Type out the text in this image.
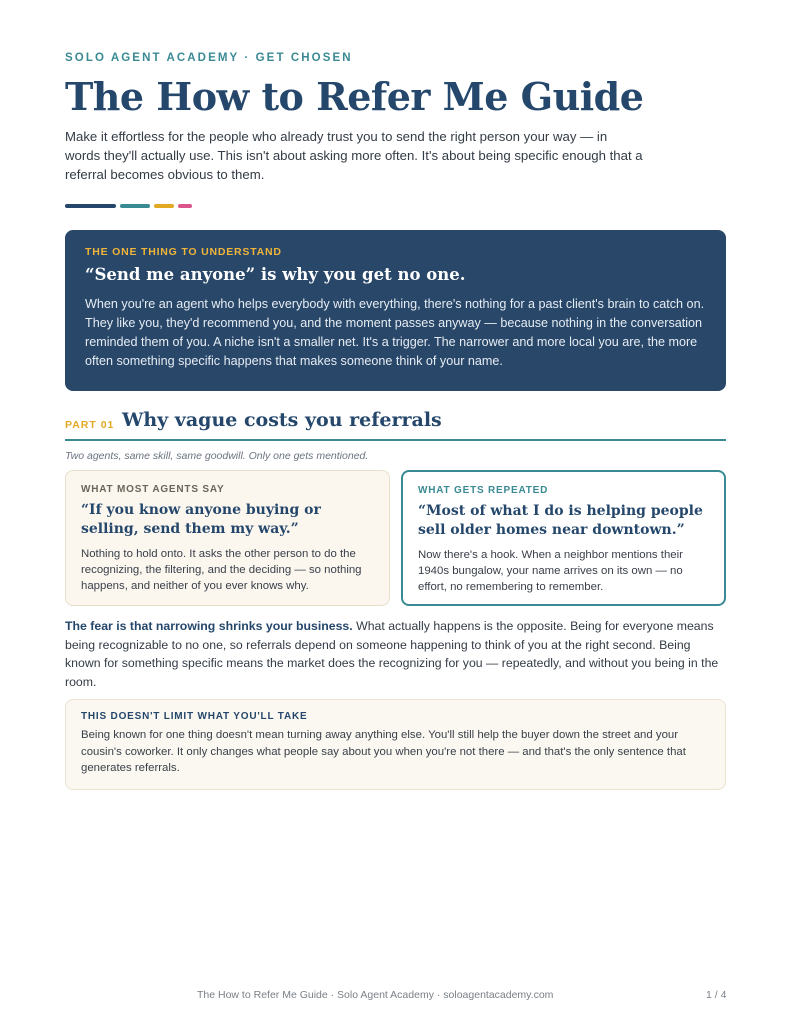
SOLO AGENT ACADEMY · GET CHOSEN
The How to Refer Me Guide
Make it effortless for the people who already trust you to send the right person your way — in words they'll actually use. This isn't about asking more often. It's about being specific enough that a referral becomes obvious to them.
THE ONE THING TO UNDERSTAND
“Send me anyone” is why you get no one.
When you're an agent who helps everybody with everything, there's nothing for a past client's brain to catch on. They like you, they'd recommend you, and the moment passes anyway — because nothing in the conversation reminded them of you. A niche isn't a smaller net. It's a trigger. The narrower and more local you are, the more often something specific happens that makes someone think of your name.
PART 01 Why vague costs you referrals
Two agents, same skill, same goodwill. Only one gets mentioned.
WHAT MOST AGENTS SAY
“If you know anyone buying or selling, send them my way.”
Nothing to hold onto. It asks the other person to do the recognizing, the filtering, and the deciding — so nothing happens, and neither of you ever knows why.
WHAT GETS REPEATED
“Most of what I do is helping people sell older homes near downtown.”
Now there's a hook. When a neighbor mentions their 1940s bungalow, your name arrives on its own — no effort, no remembering to remember.
The fear is that narrowing shrinks your business. What actually happens is the opposite. Being for everyone means being recognizable to no one, so referrals depend on someone happening to think of you at the right second. Being known for something specific means the market does the recognizing for you — repeatedly, and without you being in the room.
THIS DOESN'T LIMIT WHAT YOU'LL TAKE
Being known for one thing doesn't mean turning away anything else. You'll still help the buyer down the street and your cousin's coworker. It only changes what people say about you when you're not there — and that's the only sentence that generates referrals.
The How to Refer Me Guide · Solo Agent Academy · soloagentacademy.com	1 / 4
